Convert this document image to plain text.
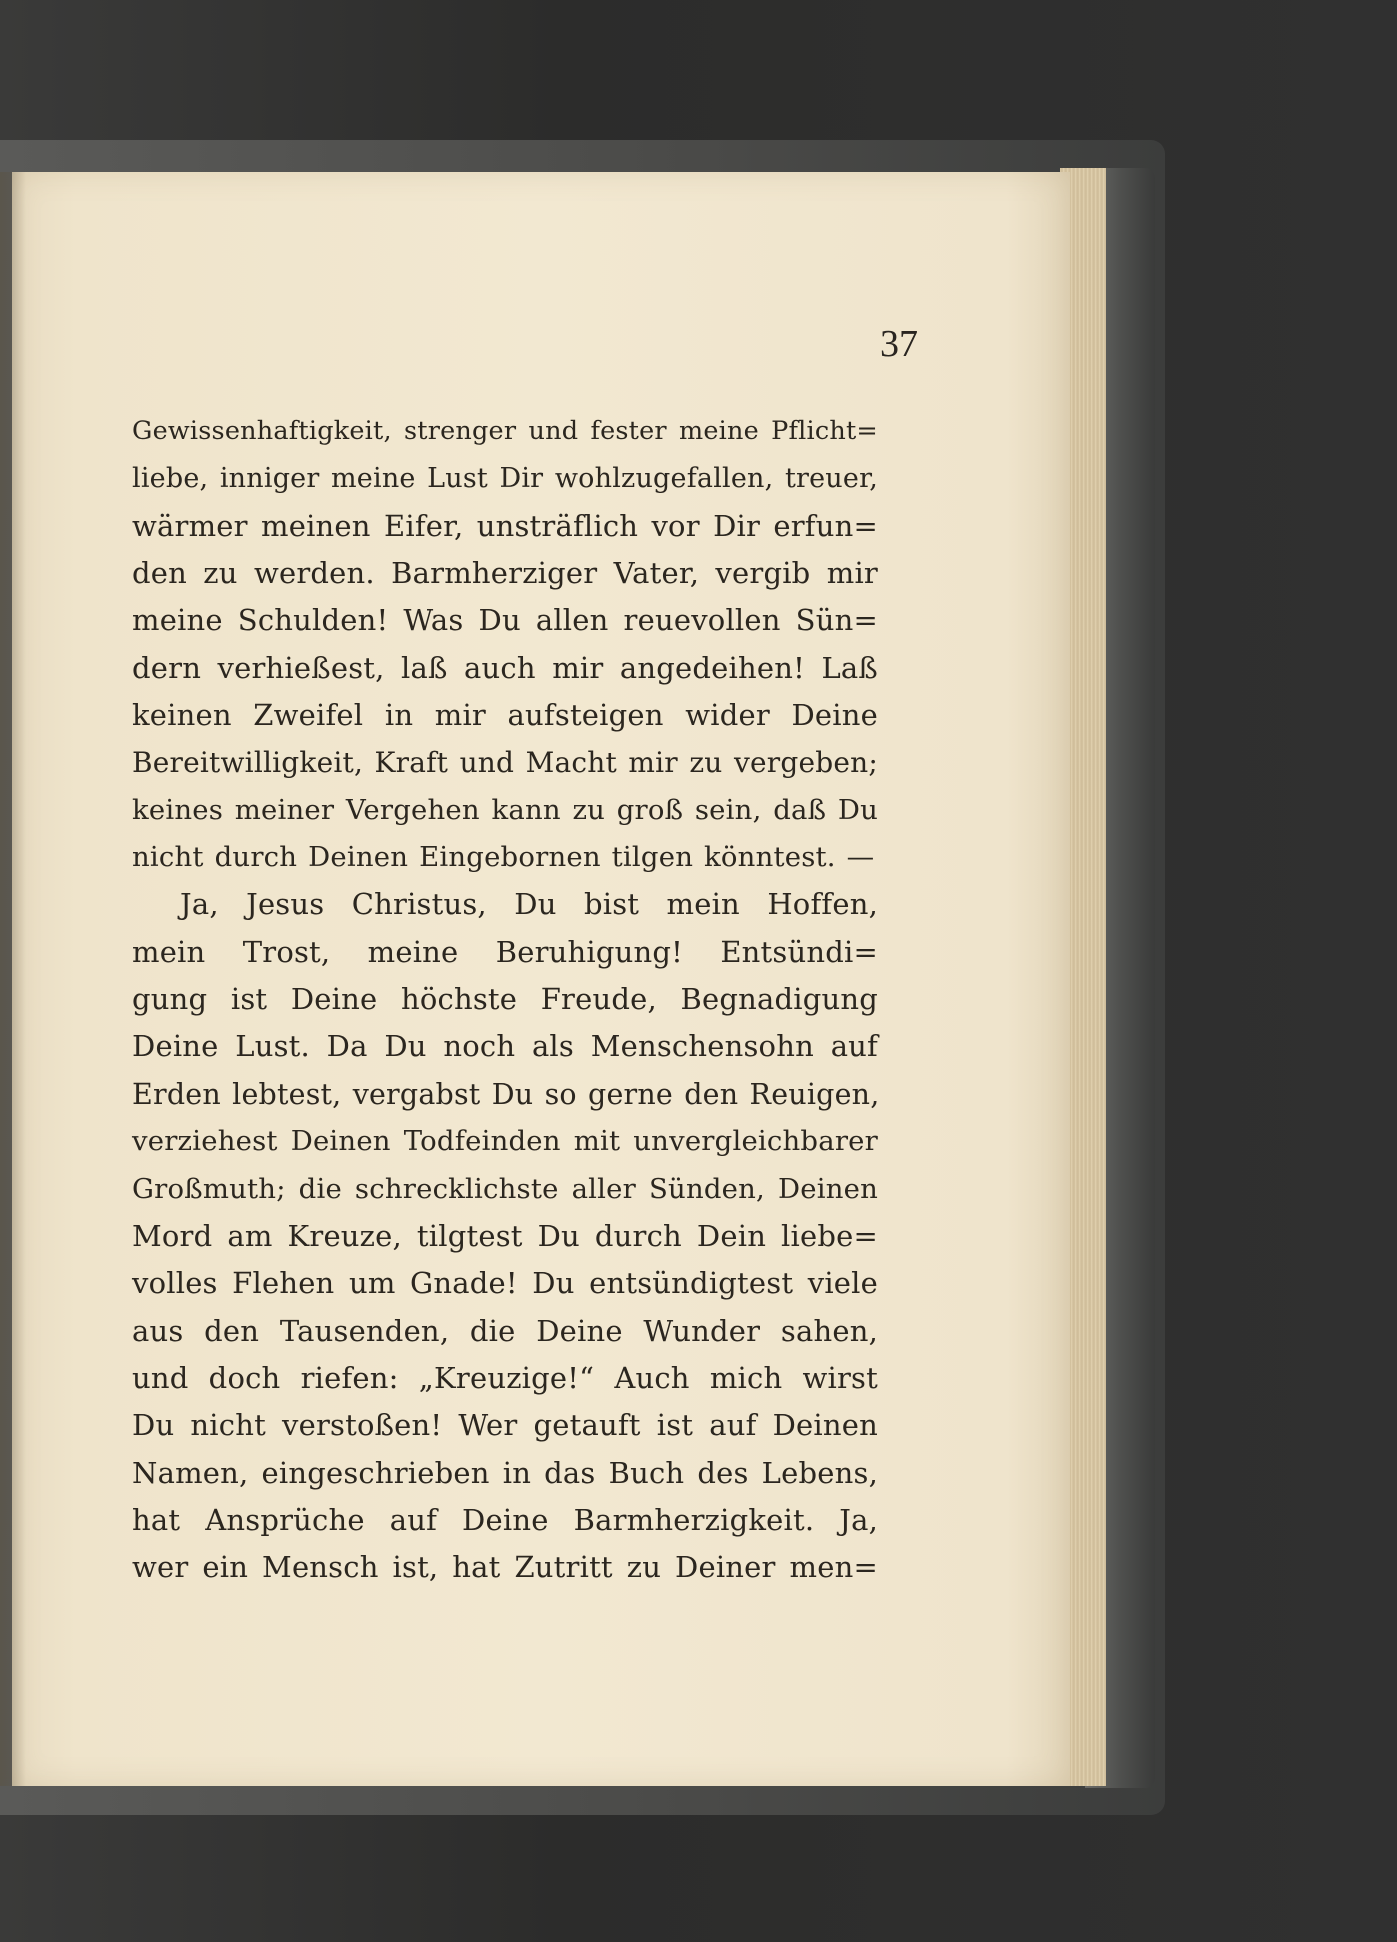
37
Gewissenhaftigkeit, strenger und fester meine Pflicht=
liebe, inniger meine Lust Dir wohlzugefallen, treuer,
wärmer meinen Eifer, unsträflich vor Dir erfun=
den zu werden. Barmherziger Vater, vergib mir
meine Schulden! Was Du allen reuevollen Sün=
dern verhießest, laß auch mir angedeihen! Laß
keinen Zweifel in mir aufsteigen wider Deine
Bereitwilligkeit, Kraft und Macht mir zu vergeben;
keines meiner Vergehen kann zu groß sein, daß Du
nicht durch Deinen Eingebornen tilgen könntest. —
Ja, Jesus Christus, Du bist mein Hoffen,
mein Trost, meine Beruhigung! Entsündi=
gung ist Deine höchste Freude, Begnadigung
Deine Lust. Da Du noch als Menschensohn auf
Erden lebtest, vergabst Du so gerne den Reuigen,
verziehest Deinen Todfeinden mit unvergleichbarer
Großmuth; die schrecklichste aller Sünden, Deinen
Mord am Kreuze, tilgtest Du durch Dein liebe=
volles Flehen um Gnade! Du entsündigtest viele
aus den Tausenden, die Deine Wunder sahen,
und doch riefen: „Kreuzige!“ Auch mich wirst
Du nicht verstoßen! Wer getauft ist auf Deinen
Namen, eingeschrieben in das Buch des Lebens,
hat Ansprüche auf Deine Barmherzigkeit. Ja,
wer ein Mensch ist, hat Zutritt zu Deiner men=
